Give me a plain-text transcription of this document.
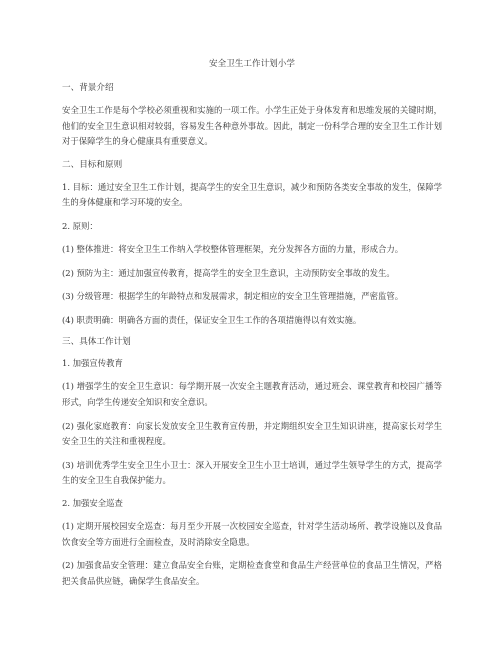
安全卫生工作计划小学
一、背景介绍
安全卫生工作是每个学校必须重视和实施的一项工作。小学生正处于身体发育和思维发展的关键时期，他们的安全卫生意识相对较弱，容易发生各种意外事故。因此，制定一份科学合理的安全卫生工作计划对于保障学生的身心健康具有重要意义。
二、目标和原则
1. 目标：通过安全卫生工作计划，提高学生的安全卫生意识，减少和预防各类安全事故的发生，保障学生的身体健康和学习环境的安全。
2. 原则：
(1) 整体推进：将安全卫生工作纳入学校整体管理框架，充分发挥各方面的力量，形成合力。
(2) 预防为主：通过加强宣传教育，提高学生的安全卫生意识，主动预防安全事故的发生。
(3) 分级管理：根据学生的年龄特点和发展需求，制定相应的安全卫生管理措施，严密监管。
(4) 职责明确：明确各方面的责任，保证安全卫生工作的各项措施得以有效实施。
三、具体工作计划
1. 加强宣传教育
(1) 增强学生的安全卫生意识：每学期开展一次安全主题教育活动，通过班会、课堂教育和校园广播等形式，向学生传递安全知识和安全意识。
(2) 强化家庭教育：向家长发放安全卫生教育宣传册，并定期组织安全卫生知识讲座，提高家长对学生安全卫生的关注和重视程度。
(3) 培训优秀学生安全卫生小卫士：深入开展安全卫生小卫士培训，通过学生领导学生的方式，提高学生的安全卫生自我保护能力。
2. 加强安全巡查
(1) 定期开展校园安全巡查：每月至少开展一次校园安全巡查，针对学生活动场所、教学设施以及食品饮食安全等方面进行全面检查，及时消除安全隐患。
(2) 加强食品安全管理：建立食品安全台账，定期检查食堂和食品生产经营单位的食品卫生情况，严格把关食品供应链，确保学生食品安全。
